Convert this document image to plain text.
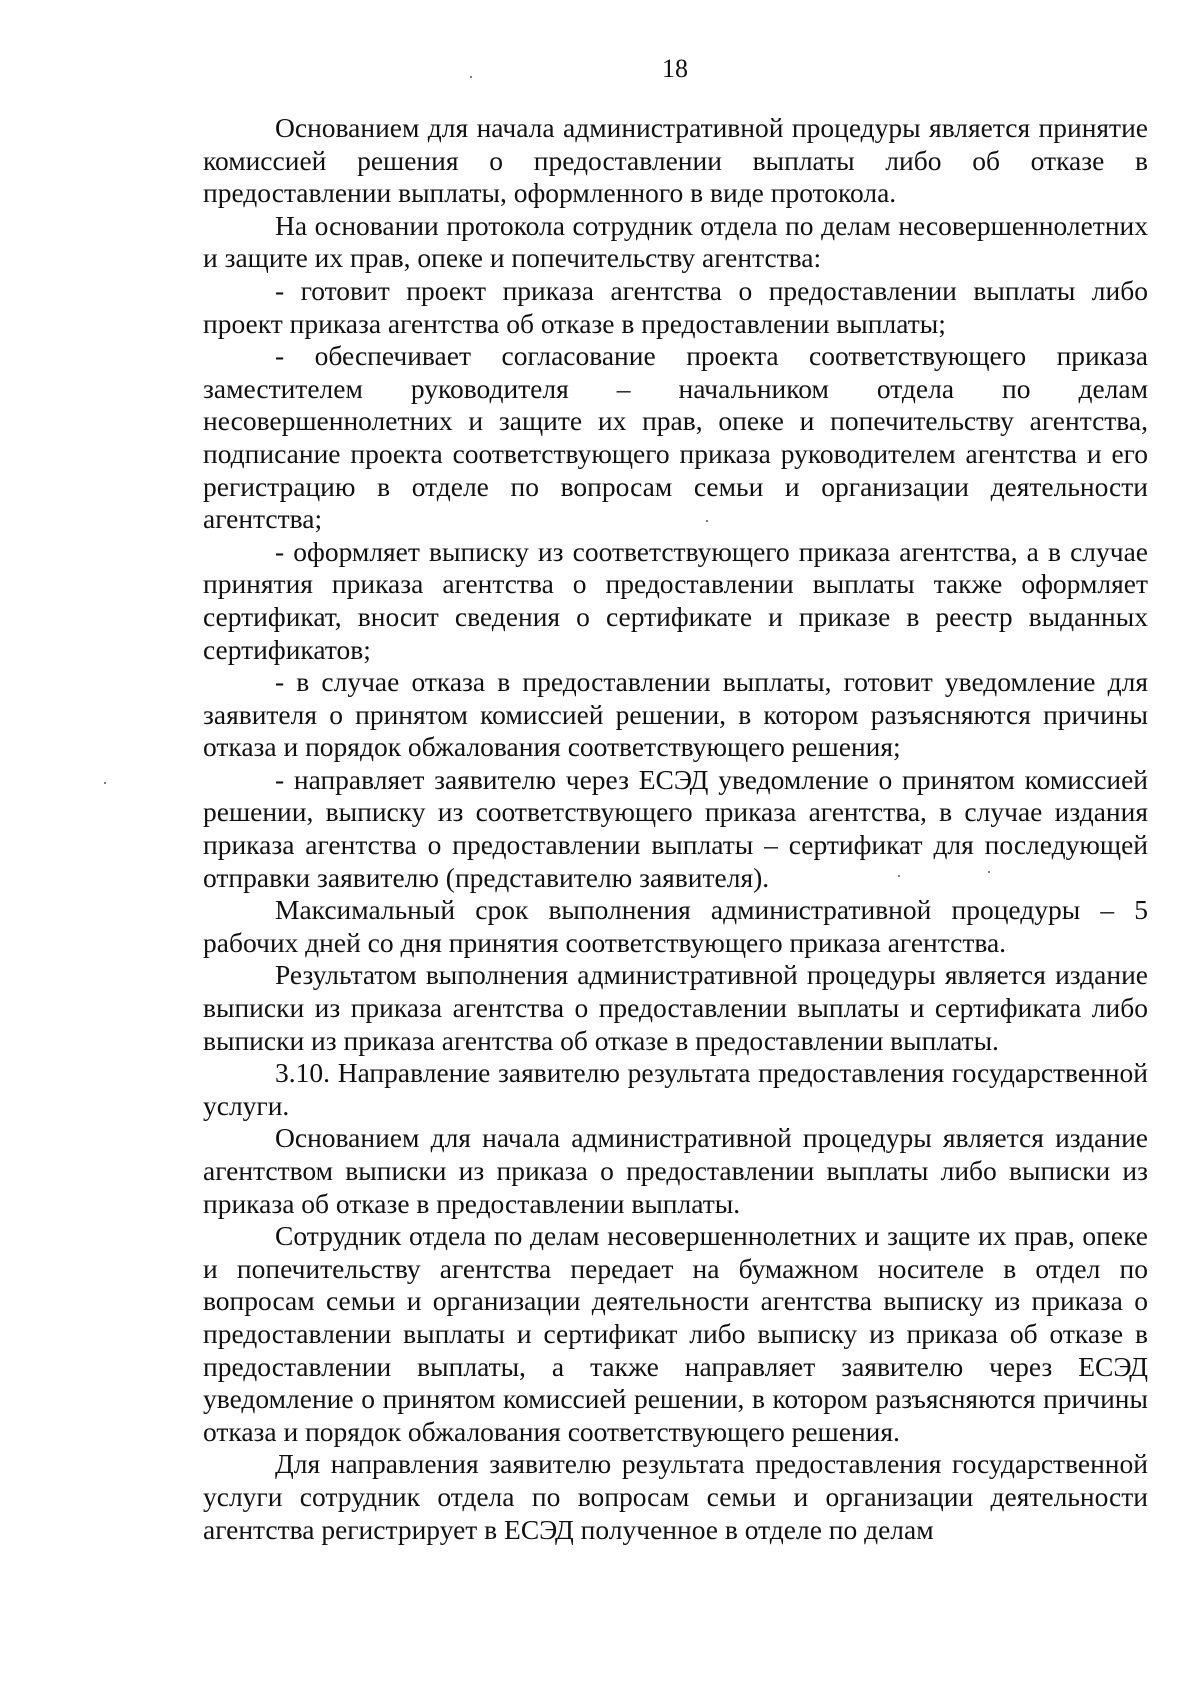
18

Основанием для начала административной процедуры является принятие комиссией решения о предоставлении выплаты либо об отказе в предоставлении выплаты, оформленного в виде протокола.

На основании протокола сотрудник отдела по делам несовершеннолетних и защите их прав, опеке и попечительству агентства:

- готовит проект приказа агентства о предоставлении выплаты либо проект приказа агентства об отказе в предоставлении выплаты;

- обеспечивает согласование проекта соответствующего приказа заместителем руководителя – начальником отдела по делам несовершеннолетних и защите их прав, опеке и попечительству агентства, подписание проекта соответствующего приказа руководителем агентства и его регистрацию в отделе по вопросам семьи и организации деятельности агентства;

- оформляет выписку из соответствующего приказа агентства, а в случае принятия приказа агентства о предоставлении выплаты также оформляет сертификат, вносит сведения о сертификате и приказе в реестр выданных сертификатов;

- в случае отказа в предоставлении выплаты, готовит уведомление для заявителя о принятом комиссией решении, в котором разъясняются причины отказа и порядок обжалования соответствующего решения;

- направляет заявителю через ЕСЭД уведомление о принятом комиссией решении, выписку из соответствующего приказа агентства, в случае издания приказа агентства о предоставлении выплаты – сертификат для последующей отправки заявителю (представителю заявителя).

Максимальный срок выполнения административной процедуры – 5 рабочих дней со дня принятия соответствующего приказа агентства.

Результатом выполнения административной процедуры является издание выписки из приказа агентства о предоставлении выплаты и сертификата либо выписки из приказа агентства об отказе в предоставлении выплаты.

3.10. Направление заявителю результата предоставления государственной услуги.

Основанием для начала административной процедуры является издание агентством выписки из приказа о предоставлении выплаты либо выписки из приказа об отказе в предоставлении выплаты.

Сотрудник отдела по делам несовершеннолетних и защите их прав, опеке и попечительству агентства передает на бумажном носителе в отдел по вопросам семьи и организации деятельности агентства выписку из приказа о предоставлении выплаты и сертификат либо выписку из приказа об отказе в предоставлении выплаты, а также направляет заявителю через ЕСЭД уведомление о принятом комиссией решении, в котором разъясняются причины отказа и порядок обжалования соответствующего решения.

Для направления заявителю результата предоставления государственной услуги сотрудник отдела по вопросам семьи и организации деятельности агентства регистрирует в ЕСЭД полученное в отделе по делам
